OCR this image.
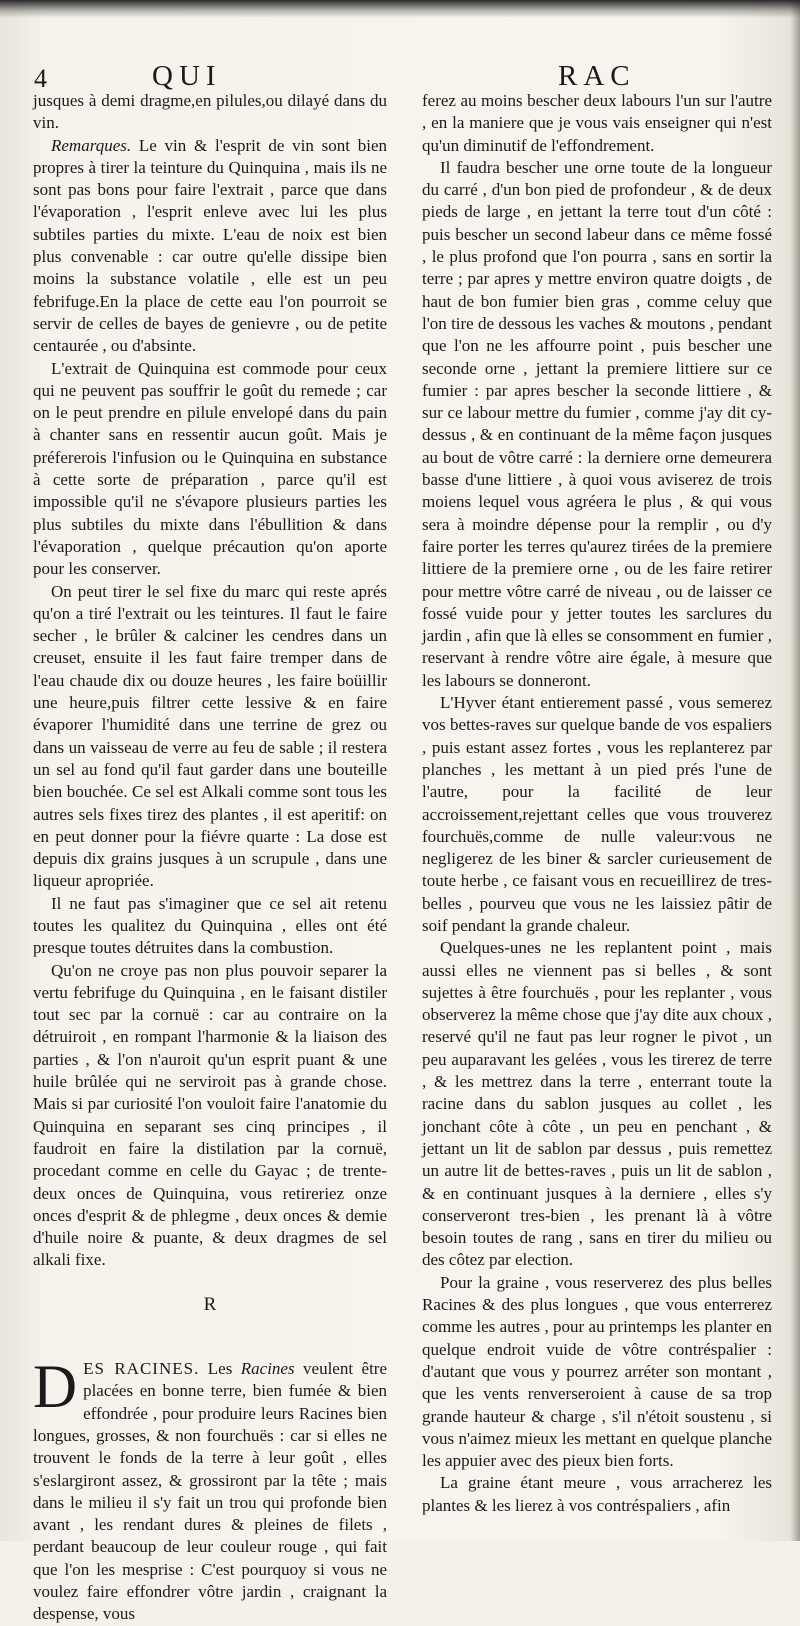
4	QUI	RAC

jusques à demi dragme,en pilules,ou dilayé dans du vin.

Remarques. Le vin & l'esprit de vin sont bien propres à tirer la teinture du Quinquina , mais ils ne sont pas bons pour faire l'extrait , parce que dans l'évaporation , l'esprit enleve avec lui les plus subtiles parties du mixte. L'eau de noix est bien plus convenable : car outre qu'elle dissipe bien moins la substance volatile , elle est un peu febrifuge.En la place de cette eau l'on pourroit se servir de celles de bayes de genievre , ou de petite centaurée , ou d'absinte.

L'extrait de Quinquina est commode pour ceux qui ne peuvent pas souffrir le goût du remede ; car on le peut prendre en pilule envelopé dans du pain à chanter sans en ressentir aucun goût. Mais je préfererois l'infusion ou le Quinquina en substance à cette sorte de préparation , parce qu'il est impossible qu'il ne s'évapore plusieurs parties les plus subtiles du mixte dans l'ébullition & dans l'évaporation , quelque précaution qu'on aporte pour les conserver.

On peut tirer le sel fixe du marc qui reste aprés qu'on a tiré l'extrait ou les teintures. Il faut le faire secher , le brûler & calciner les cendres dans un creuset, ensuite il les faut faire tremper dans de l'eau chaude dix ou douze heures , les faire boüillir une heure,puis filtrer cette lessive & en faire évaporer l'humidité dans une terrine de grez ou dans un vaisseau de verre au feu de sable ; il restera un sel au fond qu'il faut garder dans une bouteille bien bouchée. Ce sel est Alkali comme sont tous les autres sels fixes tirez des plantes , il est aperitif: on en peut donner pour la fiévre quarte : La dose est depuis dix grains jusques à un scrupule , dans une liqueur apropriée.

Il ne faut pas s'imaginer que ce sel ait retenu toutes les qualitez du Quinquina , elles ont été presque toutes détruites dans la combustion.

Qu'on ne croye pas non plus pouvoir separer la vertu febrifuge du Quinquina , en le faisant distiler tout sec par la cornuë : car au contraire on la détruiroit , en rompant l'harmonie & la liaison des parties , & l'on n'auroit qu'un esprit puant & une huile brûlée qui ne serviroit pas à grande chose. Mais si par curiosité l'on vouloit faire l'anatomie du Quinquina en separant ses cinq principes , il faudroit en faire la distilation par la cornuë, procedant comme en celle du Gayac ; de trente-deux onces de Quinquina, vous retireriez onze onces d'esprit & de phlegme , deux onces & demie d'huile noire & puante, & deux dragmes de sel alkali fixe.

R

DES RACINES. Les Racines veulent être placées en bonne terre, bien fumée & bien effondrée , pour produire leurs Racines bien longues, grosses, & non fourchuës : car si elles ne trouvent le fonds de la terre à leur goût , elles s'eslargiront assez, & grossiront par la tête ; mais dans le milieu il s'y fait un trou qui profonde bien avant , les rendant dures & pleines de filets , perdant beaucoup de leur couleur rouge , qui fait que l'on les mesprise : C'est pourquoy si vous ne voulez faire effondrer vôtre jardin , craignant la despense, vous

ferez au moins bescher deux labours l'un sur l'autre , en la maniere que je vous vais enseigner qui n'est qu'un diminutif de l'effondrement.

Il faudra bescher une orne toute de la longueur du carré , d'un bon pied de profondeur , & de deux pieds de large , en jettant la terre tout d'un côté : puis bescher un second labeur dans ce même fossé , le plus profond que l'on pourra , sans en sortir la terre ; par apres y mettre environ quatre doigts , de haut de bon fumier bien gras , comme celuy que l'on tire de dessous les vaches & moutons , pendant que l'on ne les affourre point , puis bescher une seconde orne , jettant la premiere littiere sur ce fumier : par apres bescher la seconde littiere , & sur ce labour mettre du fumier , comme j'ay dit cy-dessus , & en continuant de la même façon jusques au bout de vôtre carré : la derniere orne demeurera basse d'une littiere , à quoi vous aviserez de trois moiens lequel vous agréera le plus , & qui vous sera à moindre dépense pour la remplir , ou d'y faire porter les terres qu'aurez tirées de la premiere littiere de la premiere orne , ou de les faire retirer pour mettre vôtre carré de niveau , ou de laisser ce fossé vuide pour y jetter toutes les sarclures du jardin , afin que là elles se consomment en fumier , reservant à rendre vôtre aire égale, à mesure que les labours se donneront.

L'Hyver étant entierement passé , vous semerez vos bettes-raves sur quelque bande de vos espaliers , puis estant assez fortes , vous les replanterez par planches , les mettant à un pied prés l'une de l'autre, pour la facilité de leur accroissement,rejettant celles que vous trouverez fourchuës,comme de nulle valeur:vous ne negligerez de les biner & sarcler curieusement de toute herbe , ce faisant vous en recueillirez de tres-belles , pourveu que vous ne les laissiez pâtir de soif pendant la grande chaleur.

Quelques-unes ne les replantent point , mais aussi elles ne viennent pas si belles , & sont sujettes à être fourchuës , pour les replanter , vous observerez la même chose que j'ay dite aux choux , reservé qu'il ne faut pas leur rogner le pivot , un peu auparavant les gelées , vous les tirerez de terre , & les mettrez dans la terre , enterrant toute la racine dans du sablon jusques au collet , les jonchant côte à côte , un peu en penchant , & jettant un lit de sablon par dessus , puis remettez un autre lit de bettes-raves , puis un lit de sablon , & en continuant jusques à la derniere , elles s'y conserveront tres-bien , les prenant là à vôtre besoin toutes de rang , sans en tirer du milieu ou des côtez par election.

Pour la graine , vous reserverez des plus belles Racines & des plus longues , que vous enterrerez comme les autres , pour au printemps les planter en quelque endroit vuide de vôtre contréspalier : d'autant que vous y pourrez arréter son montant , que les vents renverseroient à cause de sa trop grande hauteur & charge , s'il n'étoit soustenu , si vous n'aimez mieux les mettant en quelque planche les appuier avec des pieux bien forts.

La graine étant meure , vous arracherez les plantes & les lierez à vos contréspaliers , afin
